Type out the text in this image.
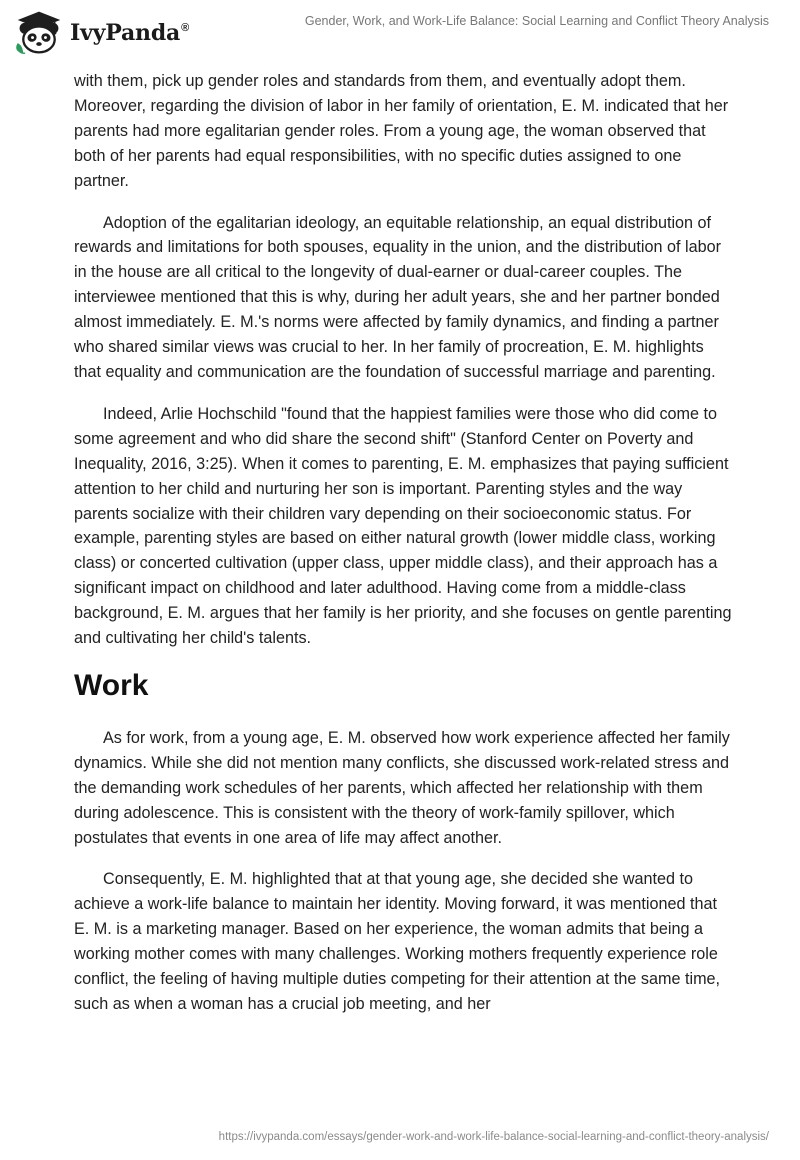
IvyPanda®	Gender, Work, and Work-Life Balance: Social Learning and Conflict Theory Analysis

with them, pick up gender roles and standards from them, and eventually adopt them. Moreover, regarding the division of labor in her family of orientation, E. M. indicated that her parents had more egalitarian gender roles. From a young age, the woman observed that both of her parents had equal responsibilities, with no specific duties assigned to one partner.

Adoption of the egalitarian ideology, an equitable relationship, an equal distribution of rewards and limitations for both spouses, equality in the union, and the distribution of labor in the house are all critical to the longevity of dual-earner or dual-career couples. The interviewee mentioned that this is why, during her adult years, she and her partner bonded almost immediately. E. M.'s norms were affected by family dynamics, and finding a partner who shared similar views was crucial to her. In her family of procreation, E. M. highlights that equality and communication are the foundation of successful marriage and parenting.

Indeed, Arlie Hochschild "found that the happiest families were those who did come to some agreement and who did share the second shift" (Stanford Center on Poverty and Inequality, 2016, 3:25). When it comes to parenting, E. M. emphasizes that paying sufficient attention to her child and nurturing her son is important. Parenting styles and the way parents socialize with their children vary depending on their socioeconomic status. For example, parenting styles are based on either natural growth (lower middle class, working class) or concerted cultivation (upper class, upper middle class), and their approach has a significant impact on childhood and later adulthood. Having come from a middle-class background, E. M. argues that her family is her priority, and she focuses on gentle parenting and cultivating her child's talents.

Work

As for work, from a young age, E. M. observed how work experience affected her family dynamics. While she did not mention many conflicts, she discussed work-related stress and the demanding work schedules of her parents, which affected her relationship with them during adolescence. This is consistent with the theory of work-family spillover, which postulates that events in one area of life may affect another.

Consequently, E. M. highlighted that at that young age, she decided she wanted to achieve a work-life balance to maintain her identity. Moving forward, it was mentioned that E. M. is a marketing manager. Based on her experience, the woman admits that being a working mother comes with many challenges. Working mothers frequently experience role conflict, the feeling of having multiple duties competing for their attention at the same time, such as when a woman has a crucial job meeting, and her

https://ivypanda.com/essays/gender-work-and-work-life-balance-social-learning-and-conflict-theory-analysis/
